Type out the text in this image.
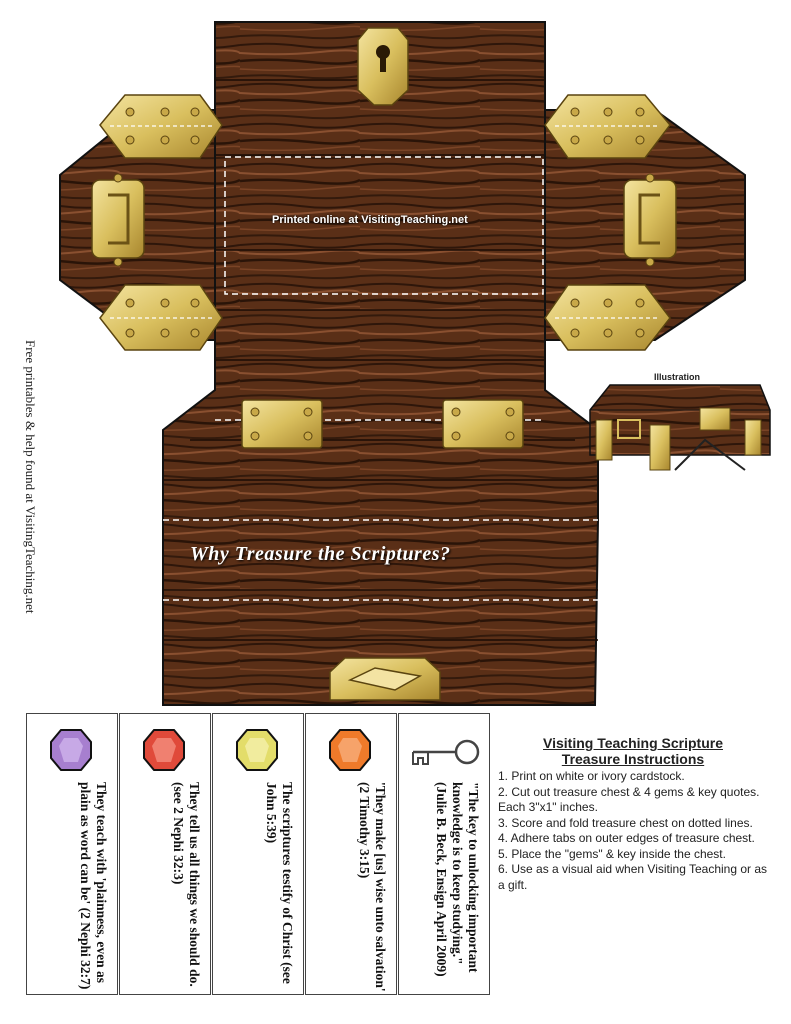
Printed online at VisitingTeaching.net
Why Treasure the Scriptures?
Illustration
Free printables & help found at VisitingTeaching.net
They teach with 'plainness, even as plain as word can be' (2 Nephi 32:7)	They tell us all things we should do. (see 2 Nephi 32:3)	The scriptures testify of Christ (see John 5:39)	'They make [us] wise unto salvation' (2 Timothy 3:15)	"The key to unlocking important knowledge is to keep studying." (Julie B. Beck, Ensign April 2009)
Visiting Teaching Scripture
Treasure Instructions
1. Print on white or ivory cardstock.
2. Cut out treasure chest & 4 gems & key quotes. Each 3"x1" inches.
3. Score and fold treasure chest on dotted lines.
4. Adhere tabs on outer edges of treasure chest.
5. Place the "gems" & key inside the chest.
6. Use as a visual aid when Visiting Teaching or as a gift.
